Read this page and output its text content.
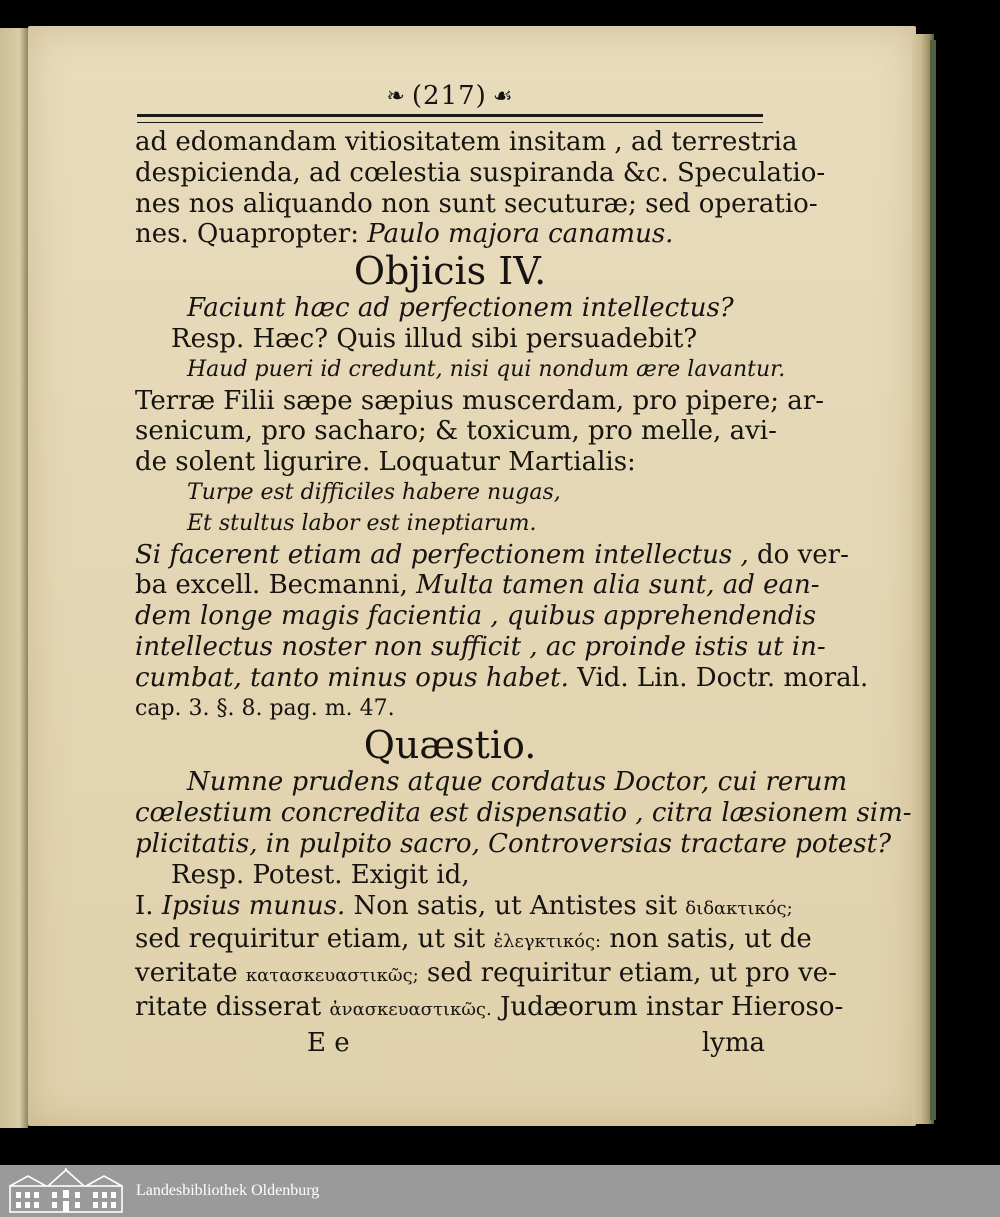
❧ (217) ☙
ad edomandam vitiositatem insitam , ad terrestria
despicienda, ad cœlestia suspiranda &c. Speculatio-
nes nos aliquando non sunt secuturæ; sed operatio-
nes. Quapropter: Paulo majora canamus.
Objicis IV.
Faciunt hæc ad perfectionem intellectus?
Resp. Hæc? Quis illud sibi persuadebit?
Haud pueri id credunt, nisi qui nondum ære lavantur.
Terræ Filii sæpe sæpius muscerdam, pro pipere; ar-
senicum, pro sacharo; & toxicum, pro melle, avi-
de solent ligurire. Loquatur Martialis:
Turpe est difficiles habere nugas,
Et stultus labor est ineptiarum.
Si facerent etiam ad perfectionem intellectus , do ver-
ba excell. Becmanni, Multa tamen alia sunt, ad ean-
dem longe magis facientia , quibus apprehendendis
intellectus noster non sufficit , ac proinde istis ut in-
cumbat, tanto minus opus habet. Vid. Lin. Doctr. moral.
cap. 3. §. 8. pag. m. 47.
Quæstio.
Numne prudens atque cordatus Doctor, cui rerum
cœlestium concredita est dispensatio , citra læsionem sim-
plicitatis, in pulpito sacro, Controversias tractare potest?
Resp. Potest. Exigit id,
I. Ipsius munus. Non satis, ut Antistes sit διδακτικός;
sed requiritur etiam, ut sit ἐλεγκτικός: non satis, ut de
veritate κατασκευαστικῶς; sed requiritur etiam, ut pro ve-
ritate disserat ἀνασκευαστικῶς. Judæorum instar Hieroso-
E e	lyma
Landesbibliothek Oldenburg
